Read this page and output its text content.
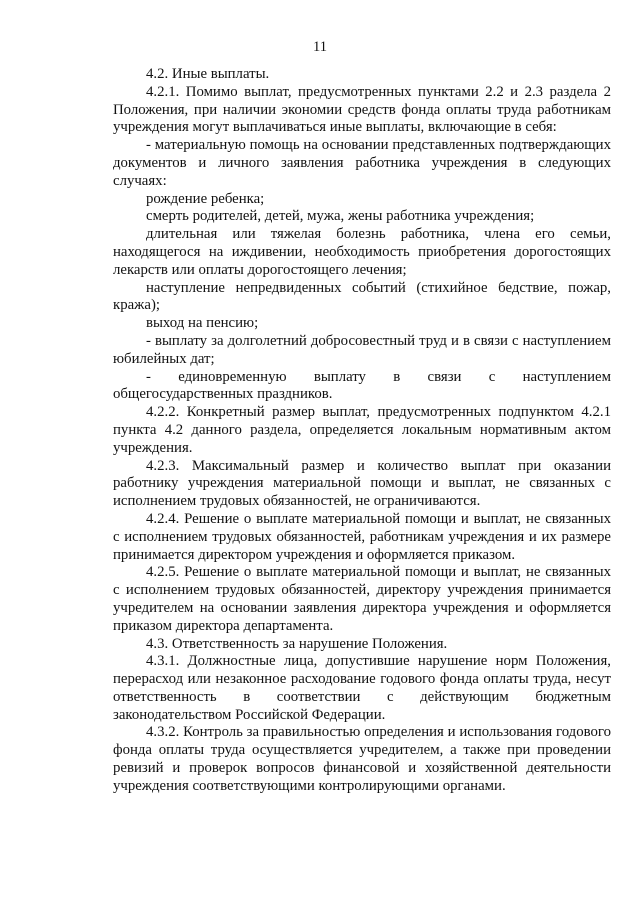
11

4.2. Иные выплаты.

4.2.1. Помимо выплат, предусмотренных пунктами 2.2 и 2.3 раздела 2 Положения, при наличии экономии средств фонда оплаты труда работникам учреждения могут выплачиваться иные выплаты, включающие в себя:

- материальную помощь на основании представленных подтверждающих документов и личного заявления работника учреждения в следующих случаях:

рождение ребенка;

смерть родителей, детей, мужа, жены работника учреждения;

длительная или тяжелая болезнь работника, члена его семьи, находящегося на иждивении, необходимость приобретения дорогостоящих лекарств или оплаты дорогостоящего лечения;

наступление непредвиденных событий (стихийное бедствие, пожар, кража);

выход на пенсию;

- выплату за долголетний добросовестный труд и в связи с наступлением юбилейных дат;

- единовременную выплату в связи с наступлением общегосударственных праздников.

4.2.2. Конкретный размер выплат, предусмотренных подпунктом 4.2.1 пункта 4.2 данного раздела, определяется локальным нормативным актом учреждения.

4.2.3. Максимальный размер и количество выплат при оказании работнику учреждения материальной помощи и выплат, не связанных с исполнением трудовых обязанностей, не ограничиваются.

4.2.4. Решение о выплате материальной помощи и выплат, не связанных с исполнением трудовых обязанностей, работникам учреждения и их размере принимается директором учреждения и оформляется приказом.

4.2.5. Решение о выплате материальной помощи и выплат, не связанных с исполнением трудовых обязанностей, директору учреждения принимается учредителем на основании заявления директора учреждения и оформляется приказом директора департамента.

4.3. Ответственность за нарушение Положения.

4.3.1. Должностные лица, допустившие нарушение норм Положения, перерасход или незаконное расходование годового фонда оплаты труда, несут ответственность в соответствии с действующим бюджетным законодательством Российской Федерации.

4.3.2. Контроль за правильностью определения и использования годового фонда оплаты труда осуществляется учредителем, а также при проведении ревизий и проверок вопросов финансовой и хозяйственной деятельности учреждения соответствующими контролирующими органами.
